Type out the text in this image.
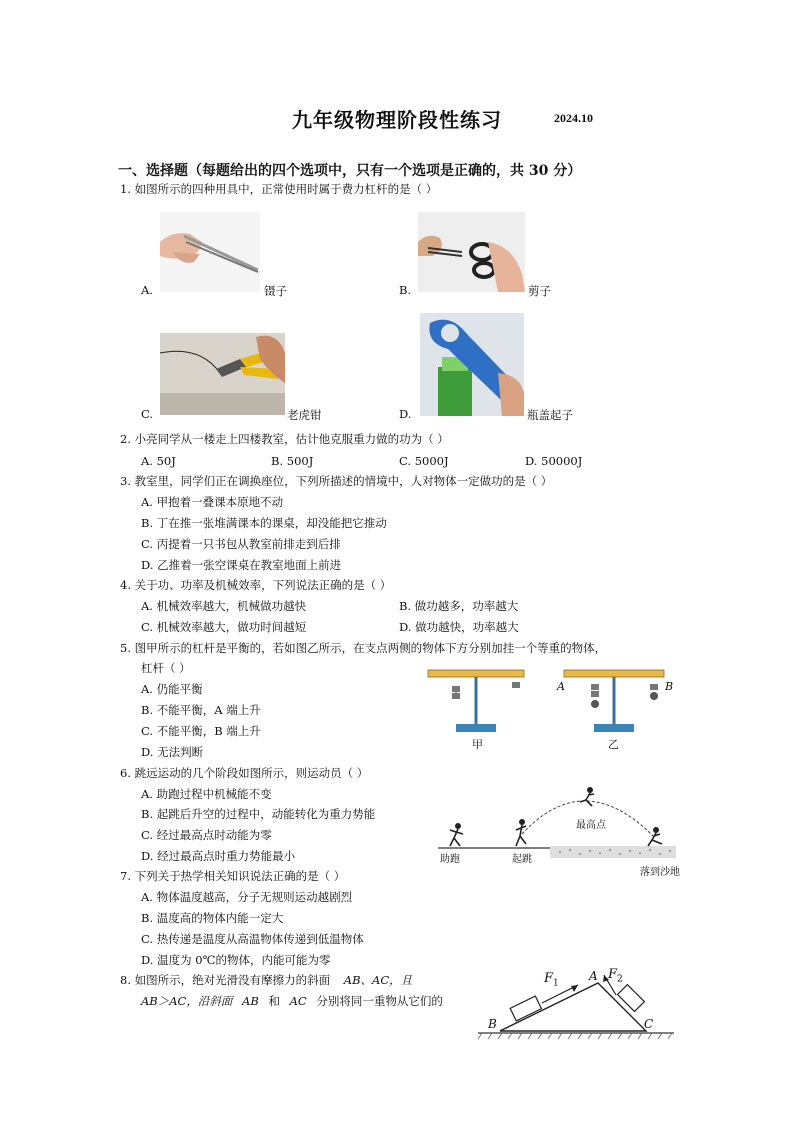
九年级物理阶段性练习	2024.10
一、选择题（每题给出的四个选项中，只有一个选项是正确的，共 30 分）
1. 如图所示的四种用具中，正常使用时属于费力杠杆的是（ ）
A.	镊子	B.	剪子
C.	老虎钳	D.	瓶盖起子
2. 小亮同学从一楼走上四楼教室，估计他克服重力做的功为（ ）
A. 50J	B. 500J	C. 5000J	D. 50000J
3. 教室里，同学们正在调换座位，下列所描述的情境中，人对物体一定做功的是（ ）
A. 甲抱着一叠课本原地不动
B. 丁在推一张堆满课本的课桌，却没能把它推动
C. 丙提着一只书包从教室前排走到后排
D. 乙推着一张空课桌在教室地面上前进
4. 关于功、功率及机械效率，下列说法正确的是（ ）
A. 机械效率越大，机械做功越快	B. 做功越多，功率越大
C. 机械效率越大，做功时间越短	D. 做功越快，功率越大
5. 图甲所示的杠杆是平衡的，若如图乙所示，在支点两侧的物体下方分别加挂一个等重的物体，
杠杆（ ）
A. 仍能平衡
B. 不能平衡，A 端上升
C. 不能平衡，B 端上升
D. 无法判断
甲	乙
A	B
6. 跳远运动的几个阶段如图所示，则运动员（ ）
A. 助跑过程中机械能不变
B. 起跳后升空的过程中，动能转化为重力势能
C. 经过最高点时动能为零
D. 经过最高点时重力势能最小	助跑	起跳
最高点
落到沙地
7. 下列关于热学相关知识说法正确的是（ ）
A. 物体温度越高，分子无规则运动越剧烈
B. 温度高的物体内能一定大
C. 热传递是温度从高温物体传递到低温物体
D. 温度为 0℃的物体，内能可能为零
8. 如图所示，绝对光滑没有摩擦力的斜面 AB、AC，且
AB＞AC，沿斜面 AB 和 AC 分别将同一重物从它们的
$F_1$
$F_2$
A
B	C
